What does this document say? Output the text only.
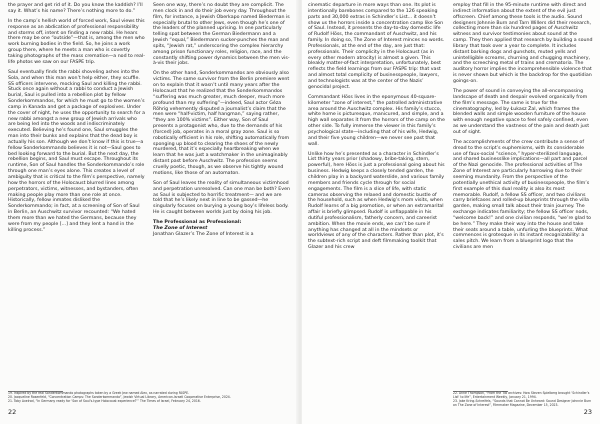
the prayer and get rid of it. Do you know the kaddish? I’ll say it. What’s his name? There’s nothing more to do.”

In the camp’s hellish world of forced work, Saul views this response as an abdication of professional responsibility and storms off, intent on finding a new rabbi. He hears there may be one “outside”—that is, among the men who work burning bodies in the field. So, he joins a work group there, where he meets a man who is covertly taking photographs of the mass cremation—a nod to real-life photos we saw on our FASPE trip.

Saul eventually finds the rabbi shoveling ashes into the Sola, and when this man won’t help either, they scuffle. SS officers intervene, mocking Saul and killing the rabbi. Stuck once again without a rabbi to conduct a Jewish burial, Saul is pulled into a rebellion plot by fellow Sonderkommandos, for which he must go to the women’s camp in Kanada and get a package of explosives. Under the cover of night, he uses the opportunity to search for a new rabbi amongst a new group of Jewish arrivals who are being led into the woods and indiscriminately executed. Believing he’s found one, Saul smuggles the man into their bunks and explains that the dead boy is actually his son. Although we don’t know if this is true—a fellow Sonderkommando believes it is not—Saul goes to bed looking forward to the burial. But the next day, the rebellion begins, and Saul must escape. Throughout its runtime, Son of Saul handles the Sonderkommando’s role through one man’s eyes alone. This creates a level of ambiguity that is critical to the film’s perspective, namely how the horrors of the Holocaust blurred lines among perpetrators, victims, witnesses, and bystanders, often making people play more than one role at once. Historically, fellow inmates disliked the Sonderkommando; in fact, at a screening of Son of Saul in Berlin, an Auschwitz survivor recounted: “We hated them more than we hated the Germans, because they were from my people [...] and they lent a hand in the killing process.”

Seen one way, there’s no doubt they are complicit. The men clock in and do their job every day. Throughout the film, for instance, a Jewish Oberkapo named Biederman is especially brutal to other Jews, even though he’s one of the leaders of the planned uprising. In one particularly telling spat between the German Biedermann and a Jewish “equal,” Biedermann sucker-punches the man and spits, “Jewish rat,” underscoring the complex hierarchy among prison functionary roles, religion, race, and the constantly shifting power dynamics between the men vis-à-vis their jobs.

On the other hand, Sonderkommandos are obviously also victims. The same survivor from the Berlin premiere went on to explain that it wasn’t until many years after the Holocaust that he realized that the Sonderkommandos “suffering was much greater, much deeper, much more profound than my suffering”—indeed, Saul actor Géza Röhrig vehemently disputed a journalist’s claim that the men were “half-victim, half hangman,” saying rather, “they are 100% victims”. Either way, Son of Saul presents a protagonist who, due to the demands of his (forced) job, operates in a moral gray zone. Saul is so robotically efficient in his role, shifting automatically from sponging up blood to clearing the shoes of the newly murdered, that it’s especially heartbreaking when we learn that he was just a watchmaker in the unimaginably distant past before Auschwitz. The profession seems cruelly poetic, though, as we observe his tightly wound motions, like those of an automaton.

Son of Saul leaves the reality of simultaneous victimhood and perpetration unresolved. Can one man be both? Even as Saul is subjected to horrific treatment— and we are told that he’s likely next in line to be gassed—he singularly focuses on burying a young boy’s lifeless body. He is caught between worlds just by doing his job.

The Professional as Professional:

The Zone of Interest

Jonathan Glazer’s The Zone of Interest is a

19. Inspired by the real Sonderkommando photographs taken by a Greek Jew named Alex, as narrated during FASPE.

20. Jacqueline Rosenfeld, “Concentration Camps: The Sonderkommando”, Jewish Virtual Library, American-Israeli Cooperative Enterprise, 2024.

21. Toby Axelrod, “In Germany ready for ‘Son of Saul’s-type Holocaust experience?’” The Times of Israel, February 24, 2016.

22

cinematic departure in more ways than one. Its plot is intentionally barebones compared to the 126 speaking parts and 30,000 extras in Schindler’s List... it doesn’t show us the horrors inside a concentration camp like Son of Saul. Instead, it presents the day-to-day domestic life of Rudolf Höss, the commandant of Auschwitz, and his family. In doing so, The Zone of Interest minces no words. Professionals, at the end of the day, are just that: professionals. Their complicity in the Holocaust (as in every other modern atrocity) is almost a given. This bleakly matter-of-fact interpretation, unfortunately, best reflects the field learnings from our FASPE trip: that vast and almost total complicity of businesspeople, lawyers, and technologists was at the center of the Nazis’ genocidal project.

Commandant Höss lives in the eponymous 40-square-kilometer “zone of interest,” the patrolled administrative area around the Auschwitz complex. His family’s stucco, white home is picturesque, manicured, and simple, and a high wall separates it from the horrors of the camp on the other side. To fully immerse the viewer in this family’s psychological state—including that of his wife, Hedwig, and their five young children—we never see past that wall.

Unlike how he’s presented as a character in Schindler’s List thirty years prior (shadowy, bribe-taking, stern, powerful), here Höss is just a professional going about his business. Hedwig keeps a closely tended garden, the children play in a backyard waterslide, and various family members and friends cycle through for social engagements. The film is a slice of life, with static cameras observing the relaxed and domestic bustle of the household, such as when Hedwig’s mom visits, when Rudolf learns of a big promotion, or when an extramarital affair is briefly glimpsed. Rudolf is unflappable in his dutiful professionalism, fatherly concern, and careerist ambition. When the movie ends, we can’t be sure if anything has changed at all in the mindsets or worldviews of any of the characters. Rather than plot, it’s the subtext-rich script and deft filmmaking toolkit that Glazer and his crew

employ that fill in the 95-minute runtime with direct and indirect information about the extent of the evil just offscreen. Chief among these tools is the audio. Sound designers Johnnie Burn and Tarn Willers did their research, collecting more than six hundred pages of Auschwitz witness and survivor testimonies about sound at the camp. They then applied that research by building a sound library that took over a year to complete. It includes distant barking dogs and gunshots, muted yells and unintelligible screams, churning and chugging machinery, and the screeching metal of trains and crematoria. The auditory horror implies the incomprehensible violence that is never shown but which is the backdrop for the quotidian goings-on.

The power of sound in conveying the all-encompassing landscape of death and despair evolved organically from the film’s message. The same is true for the cinematography, led by Łukasz Żal, which frames the blended walls and simple wooden furniture of the house with enough negative space to feel safely confined, even as we understand the vastness of the pain and death just out of sight.

The accomplishments of the crew contribute a sense of dread to the script’s euphemisms, with its considerable use of faux-social “science,” hyper-sterilized language, and shared businesslike implications—all part and parcel of the Nazi genocide. The professional activities of The Zone of Interest are particularly harrowing due to their seeming mundanity. From the perspective of the potentially unethical activity of businesspeople, the film’s first example of this dual reality is also its most memorable. Rudolf, a fellow SS officer, and two civilians carry briefcases and rolled-up blueprints through the villa garden, making small talk about their train journey. The exchange indicates familiarity; the fellow SS officer nods, “welcome back!” and one civilian responds, “we’re glad to be here.” They make their way into the house and take their seats around a table, unfurling the blueprints. What commences is grotesque in its instant recognizability: a sales pitch. We learn from a blueprint logo that the civilians are men

22. Anne Thompson, “From the TIB archives: How Steven Spielberg brought ‘Schindler’s List’ to life”, Entertainment Weekly, January 21, 1994.

23. Jake Kring-Schreifels, “Sounds that Cannot Be Unheard: Sound Designer Johnnie Burn on The Zone of Interest”, Filmmaker Magazine, December 15, 2023.

23
